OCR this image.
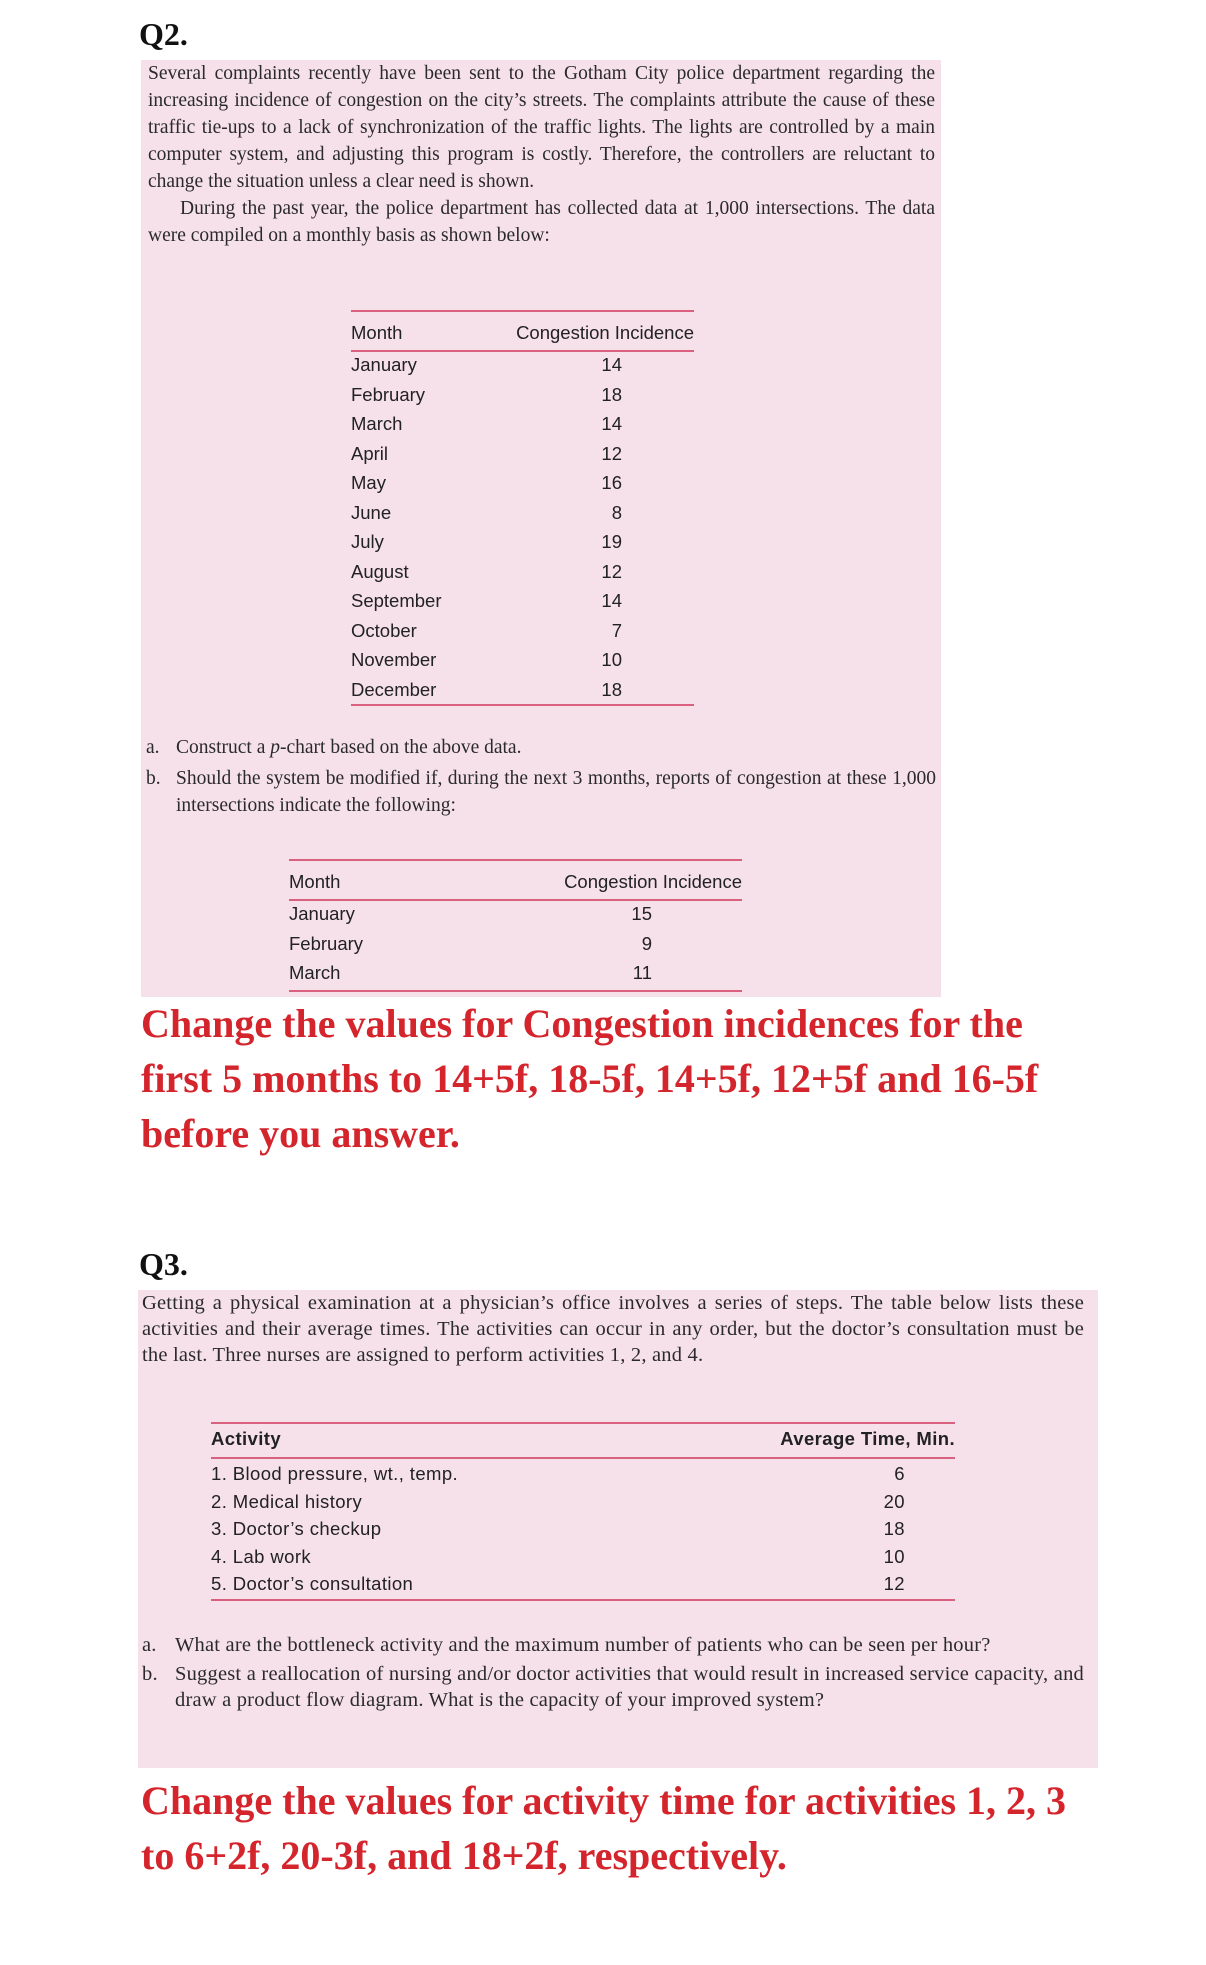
Q2.

Several complaints recently have been sent to the Gotham City police department regarding the increasing incidence of congestion on the city’s streets. The complaints attribute the cause of these traffic tie-ups to a lack of synchronization of the traffic lights. The lights are controlled by a main computer system, and adjusting this program is costly. Therefore, the controllers are reluctant to change the situation unless a clear need is shown.

During the past year, the police department has collected data at 1,000 intersections. The data were compiled on a monthly basis as shown below:

Month	Congestion Incidence
January	14
February	18
March	14
April	12
May	16
June	8
July	19
August	12
September	14
October	7
November	10
December	18
a. Construct a p-chart based on the above data.
b. Should the system be modified if, during the next 3 months, reports of congestion at these 1,000 intersections indicate the following:
Month	Congestion Incidence
January	15
February	9
March	11
Change the values for Congestion incidences for the first 5 months to 14+5f, 18-5f, 14+5f, 12+5f and 16-5f before you answer.
Q3.

Getting a physical examination at a physician’s office involves a series of steps. The table below lists these activities and their average times. The activities can occur in any order, but the doctor’s consultation must be the last. Three nurses are assigned to perform activities 1, 2, and 4.

Activity	Average Time, Min.
1. Blood pressure, wt., temp.	6
2. Medical history	20
3. Doctor’s checkup	18
4. Lab work	10
5. Doctor’s consultation	12
a. What are the bottleneck activity and the maximum number of patients who can be seen per hour?
b. Suggest a reallocation of nursing and/or doctor activities that would result in increased service capacity, and draw a product flow diagram. What is the capacity of your improved system?
Change the values for activity time for activities 1, 2, 3 to 6+2f, 20-3f, and 18+2f, respectively.
